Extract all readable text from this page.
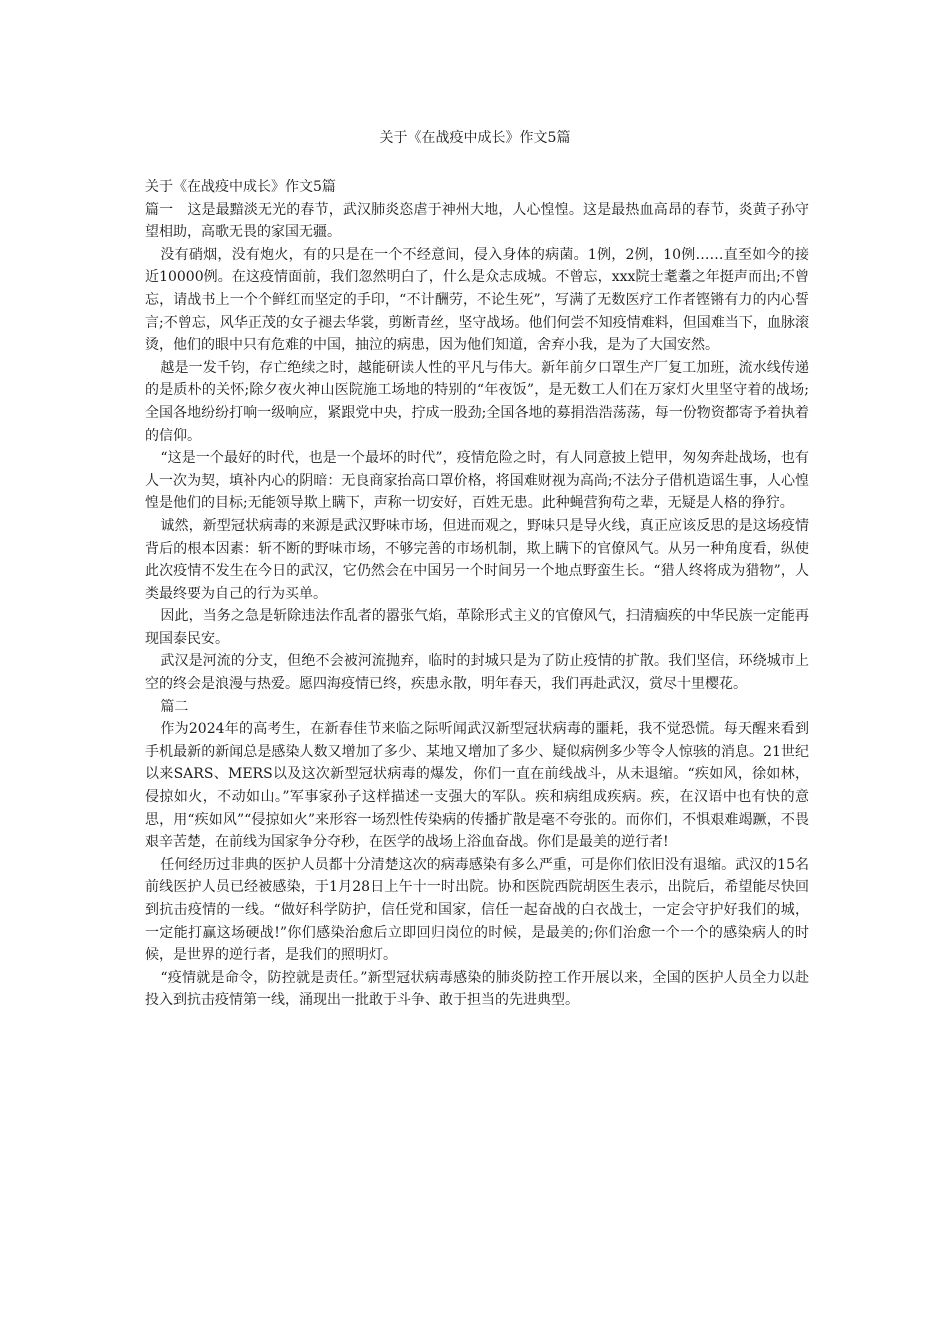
关于《在战疫中成长》作文5篇

关于《在战疫中成长》作文5篇

篇一　这是最黯淡无光的春节，武汉肺炎恣虐于神州大地，人心惶惶。这是最热血高昂的春节，炎黄子孙守望相助，高歌无畏的家国无疆。

没有硝烟，没有炮火，有的只是在一个不经意间，侵入身体的病菌。1例，2例，10例……直至如今的接近10000例。在这疫情面前，我们忽然明白了，什么是众志成城。不曾忘，xxx院士耄耋之年挺声而出;不曾忘，请战书上一个个鲜红而坚定的手印，“不计酬劳，不论生死”，写满了无数医疗工作者铿锵有力的内心誓言;不曾忘，风华正茂的女子褪去华裳，剪断青丝，坚守战场。他们何尝不知疫情难料，但国难当下，血脉滚烫，他们的眼中只有危难的中国，抽泣的病患，因为他们知道，舍弃小我，是为了大国安然。

越是一发千钧，存亡绝续之时，越能研读人性的平凡与伟大。新年前夕口罩生产厂复工加班，流水线传递的是质朴的关怀;除夕夜火神山医院施工场地的特别的“年夜饭”，是无数工人们在万家灯火里坚守着的战场;全国各地纷纷打响一级响应，紧跟党中央，拧成一股劲;全国各地的募捐浩浩荡荡，每一份物资都寄予着执着的信仰。

“这是一个最好的时代，也是一个最坏的时代”，疫情危险之时，有人同意披上铠甲，匆匆奔赴战场，也有人一次为契，填补内心的阴暗：无良商家抬高口罩价格，将国难财视为高尚;不法分子借机造谣生事，人心惶惶是他们的目标;无能领导欺上瞒下，声称一切安好，百姓无患。此种蝇营狗苟之辈，无疑是人格的狰狞。

诚然，新型冠状病毒的来源是武汉野味市场，但进而观之，野味只是导火线，真正应该反思的是这场疫情背后的根本因素：斩不断的野味市场，不够完善的市场机制，欺上瞒下的官僚风气。从另一种角度看，纵使此次疫情不发生在今日的武汉，它仍然会在中国另一个时间另一个地点野蛮生长。“猎人终将成为猎物”，人类最终要为自己的行为买单。

因此，当务之急是斩除违法作乱者的嚣张气焰，革除形式主义的官僚风气，扫清痼疾的中华民族一定能再现国泰民安。

武汉是河流的分支，但绝不会被河流抛弃，临时的封城只是为了防止疫情的扩散。我们坚信，环绕城市上空的终会是浪漫与热爱。愿四海疫情已终，疾患永散，明年春天，我们再赴武汉，赏尽十里樱花。

篇二

作为2024年的高考生，在新春佳节来临之际听闻武汉新型冠状病毒的噩耗，我不觉恐慌。每天醒来看到手机最新的新闻总是感染人数又增加了多少、某地又增加了多少、疑似病例多少等令人惊骇的消息。21世纪以来SARS、MERS以及这次新型冠状病毒的爆发，你们一直在前线战斗，从未退缩。“疾如风，徐如林，侵掠如火，不动如山。”军事家孙子这样描述一支强大的军队。疾和病组成疾病。疾，在汉语中也有快的意思，用“疾如风”“侵掠如火”来形容一场烈性传染病的传播扩散是毫不夸张的。而你们，不惧艰难竭蹶，不畏艰辛苦楚，在前线为国家争分夺秒，在医学的战场上浴血奋战。你们是最美的逆行者!

任何经历过非典的医护人员都十分清楚这次的病毒感染有多么严重，可是你们依旧没有退缩。武汉的15名前线医护人员已经被感染，于1月28日上午十一时出院。协和医院西院胡医生表示，出院后，希望能尽快回到抗击疫情的一线。“做好科学防护，信任党和国家，信任一起奋战的白衣战士，一定会守护好我们的城，一定能打赢这场硬战!”你们感染治愈后立即回归岗位的时候，是最美的;你们治愈一个一个的感染病人的时候，是世界的逆行者，是我们的照明灯。

“疫情就是命令，防控就是责任。”新型冠状病毒感染的肺炎防控工作开展以来，全国的医护人员全力以赴投入到抗击疫情第一线，涌现出一批敢于斗争、敢于担当的先进典型。
